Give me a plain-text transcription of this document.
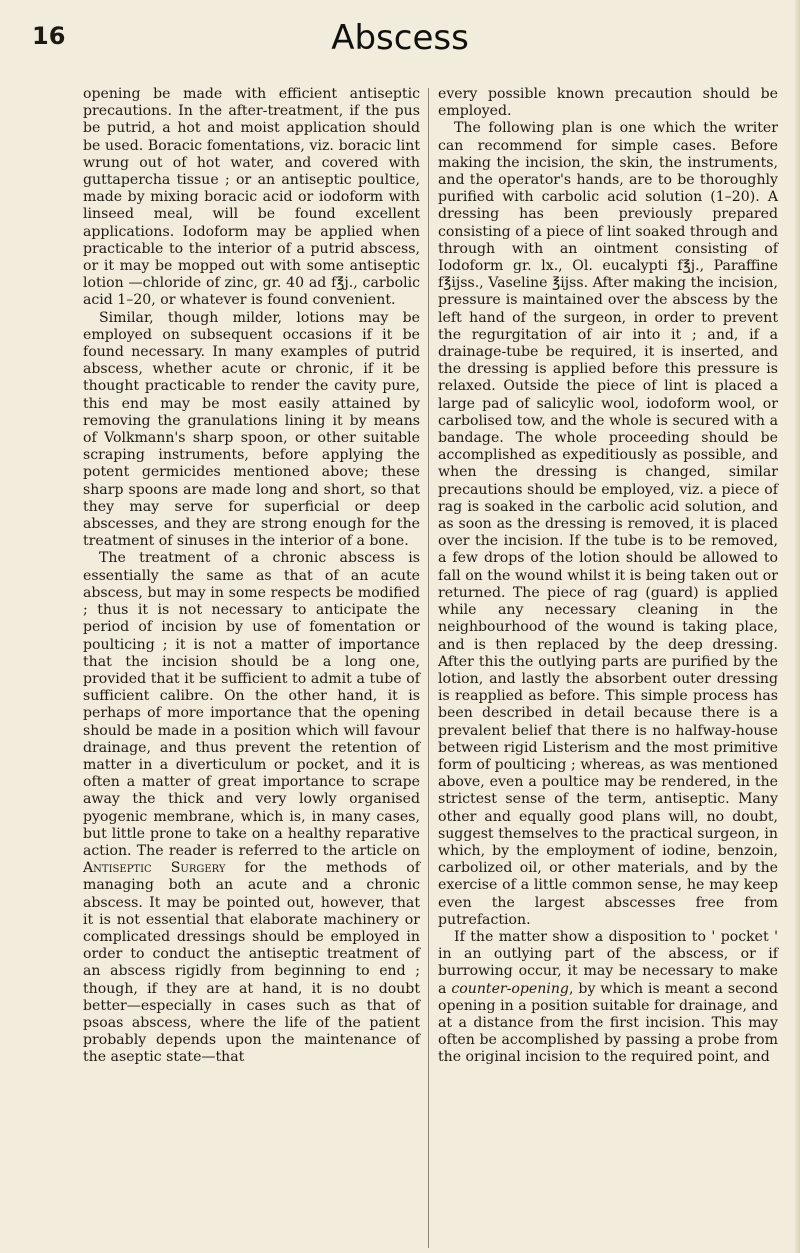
16	Abscess

opening be made with efficient antiseptic precautions. In the after-treatment, if the pus be putrid, a hot and moist application should be used. Boracic fomentations, viz. boracic lint wrung out of hot water, and covered with guttapercha tissue ; or an antiseptic poultice, made by mixing boracic acid or iodoform with linseed meal, will be found excellent applications. Iodoform may be applied when practicable to the interior of a putrid abscess, or it may be mopped out with some antiseptic lotion —chloride of zinc, gr. 40 ad f℥j., carbolic acid 1–20, or whatever is found convenient.

Similar, though milder, lotions may be employed on subsequent occasions if it be found necessary. In many examples of putrid abscess, whether acute or chronic, if it be thought practicable to render the cavity pure, this end may be most easily attained by removing the granulations lining it by means of Volkmann's sharp spoon, or other suitable scraping instruments, before applying the potent germicides mentioned above; these sharp spoons are made long and short, so that they may serve for superficial or deep abscesses, and they are strong enough for the treatment of sinuses in the interior of a bone.

The treatment of a chronic abscess is essentially the same as that of an acute abscess, but may in some respects be modified ; thus it is not necessary to anticipate the period of incision by use of fomentation or poulticing ; it is not a matter of importance that the incision should be a long one, provided that it be sufficient to admit a tube of sufficient calibre. On the other hand, it is perhaps of more importance that the opening should be made in a position which will favour drainage, and thus prevent the retention of matter in a diverticulum or pocket, and it is often a matter of great importance to scrape away the thick and very lowly organised pyogenic membrane, which is, in many cases, but little prone to take on a healthy reparative action. The reader is referred to the article on Antiseptic Surgery for the methods of managing both an acute and a chronic abscess. It may be pointed out, however, that it is not essential that elaborate machinery or complicated dressings should be employed in order to conduct the antiseptic treatment of an abscess rigidly from beginning to end ; though, if they are at hand, it is no doubt better—especially in cases such as that of psoas abscess, where the life of the patient probably depends upon the maintenance of the aseptic state—that

every possible known precaution should be employed.

The following plan is one which the writer can recommend for simple cases. Before making the incision, the skin, the instruments, and the operator's hands, are to be thoroughly purified with carbolic acid solution (1–20). A dressing has been previously prepared consisting of a piece of lint soaked through and through with an ointment consisting of Iodoform gr. lx., Ol. eucalypti f℥j., Paraffine f℥ijss., Vaseline ℥ijss. After making the incision, pressure is maintained over the abscess by the left hand of the surgeon, in order to prevent the regurgitation of air into it ; and, if a drainage-tube be required, it is inserted, and the dressing is applied before this pressure is relaxed. Outside the piece of lint is placed a large pad of salicylic wool, iodoform wool, or carbolised tow, and the whole is secured with a bandage. The whole proceeding should be accomplished as expeditiously as possible, and when the dressing is changed, similar precautions should be employed, viz. a piece of rag is soaked in the carbolic acid solution, and as soon as the dressing is removed, it is placed over the incision. If the tube is to be removed, a few drops of the lotion should be allowed to fall on the wound whilst it is being taken out or returned. The piece of rag (guard) is applied while any necessary cleaning in the neighbourhood of the wound is taking place, and is then replaced by the deep dressing. After this the outlying parts are purified by the lotion, and lastly the absorbent outer dressing is reapplied as before. This simple process has been described in detail because there is a prevalent belief that there is no halfway-house between rigid Listerism and the most primitive form of poulticing ; whereas, as was mentioned above, even a poultice may be rendered, in the strictest sense of the term, antiseptic. Many other and equally good plans will, no doubt, suggest themselves to the practical surgeon, in which, by the employment of iodine, benzoin, carbolized oil, or other materials, and by the exercise of a little common sense, he may keep even the largest abscesses free from putrefaction.

If the matter show a disposition to ' pocket ' in an outlying part of the abscess, or if burrowing occur, it may be necessary to make a counter-opening, by which is meant a second opening in a position suitable for drainage, and at a distance from the first incision. This may often be accomplished by passing a probe from the original incision to the required point, and
